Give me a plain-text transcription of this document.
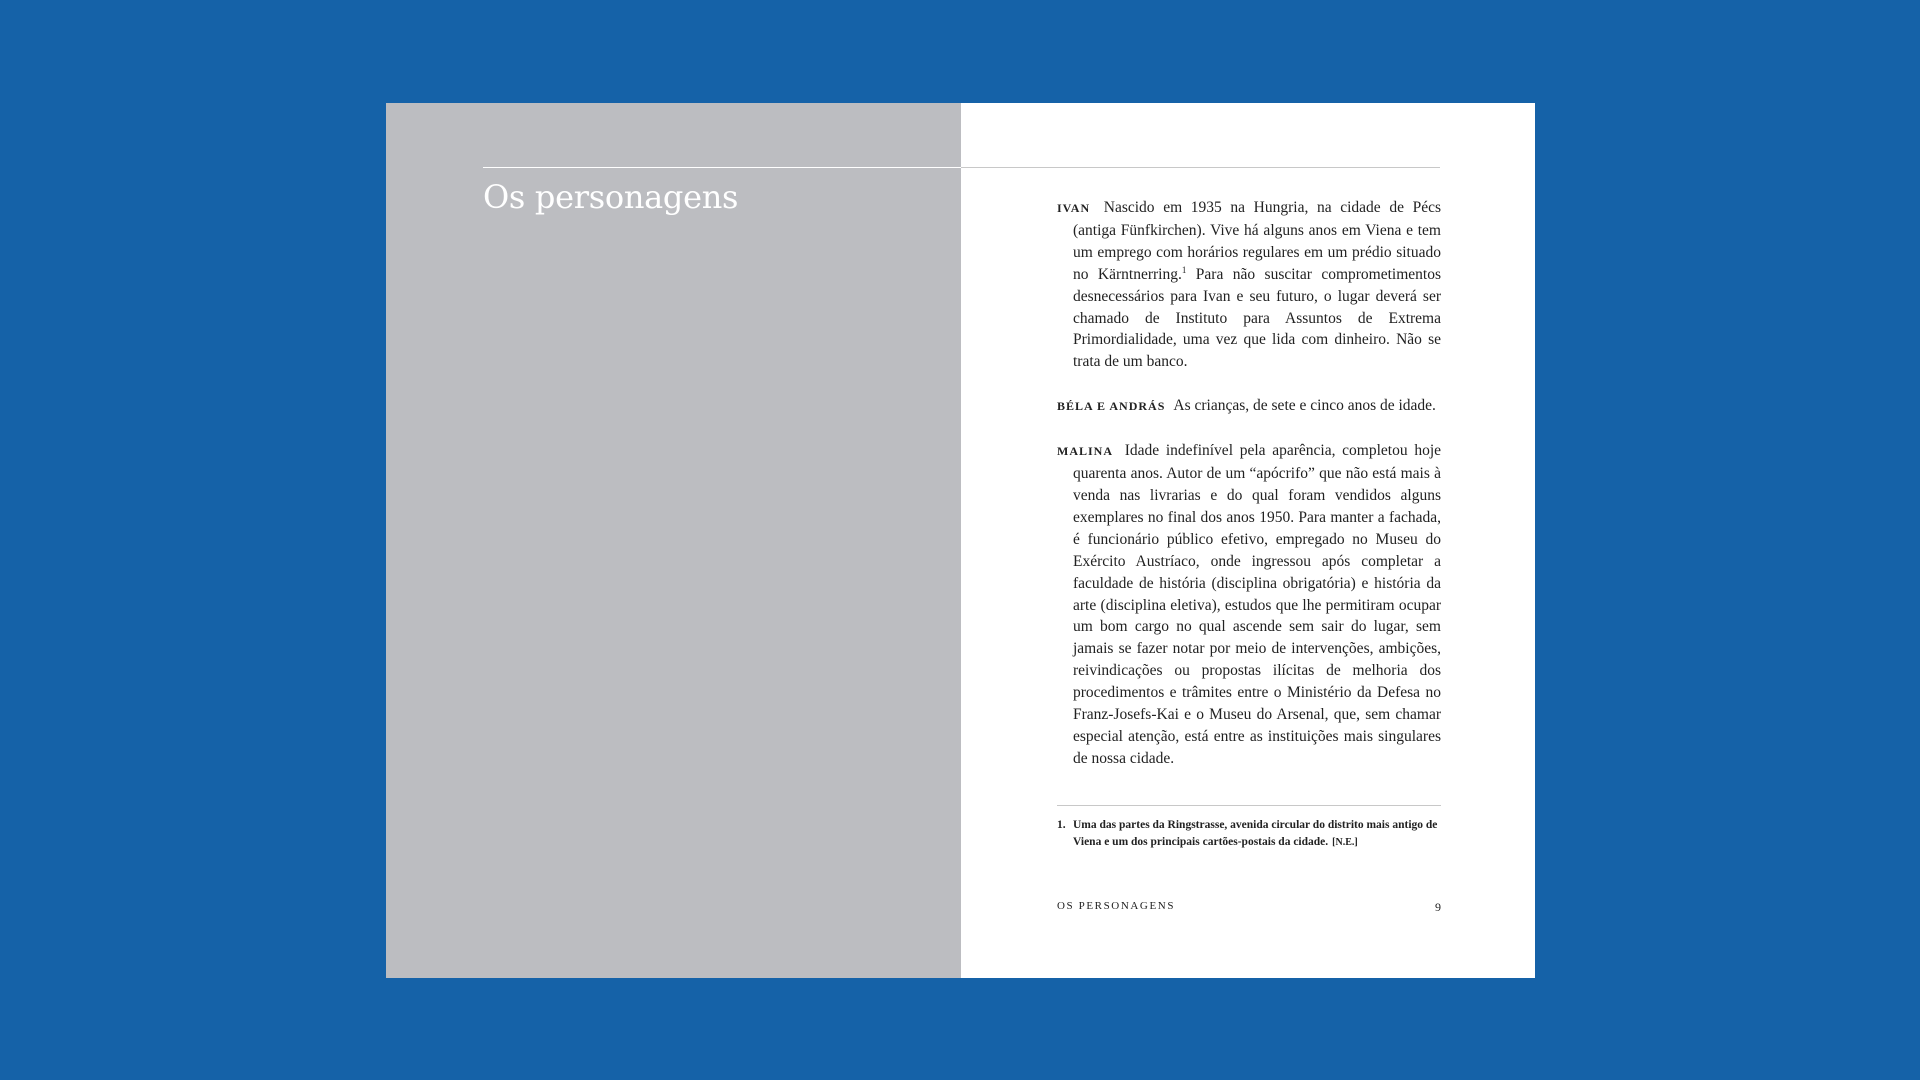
Os personagens	IVAN Nascido em 1935 na Hungria, na cidade de Pécs (antiga Fünfkirchen). Vive há alguns anos em Viena e tem um emprego com horários regulares em um prédio situado no Kärntnerring.$^1$ Para não suscitar comprometimentos desnecessários para Ivan e seu futuro, o lugar deverá ser chamado de Instituto para Assuntos de Extrema Primordialidade, uma vez que lida com dinheiro. Não se trata de um banco.

BÉLA E ANDRÁS As crianças, de sete e cinco anos de idade.

MALINA Idade indefinível pela aparência, completou hoje quarenta anos. Autor de um “apócrifo” que não está mais à venda nas livrarias e do qual foram vendidos alguns exemplares no final dos anos 1950. Para manter a fachada, é funcionário público efetivo, empregado no Museu do Exército Austríaco, onde ingressou após completar a faculdade de história (disciplina obrigatória) e história da arte (disciplina eletiva), estudos que lhe permitiram ocupar um bom cargo no qual ascende sem sair do lugar, sem jamais se fazer notar por meio de intervenções, ambições, reivindicações ou propostas ilícitas de melhoria dos procedimentos e trâmites entre o Ministério da Defesa no Franz-Josefs-Kai e o Museu do Arsenal, que, sem chamar especial atenção, está entre as instituições mais singulares de nossa cidade.

1. Uma das partes da Ringstrasse, avenida circular do distrito mais antigo de Viena e um dos principais cartões-postais da cidade. [N.E.]
OS PERSONAGENS	9
